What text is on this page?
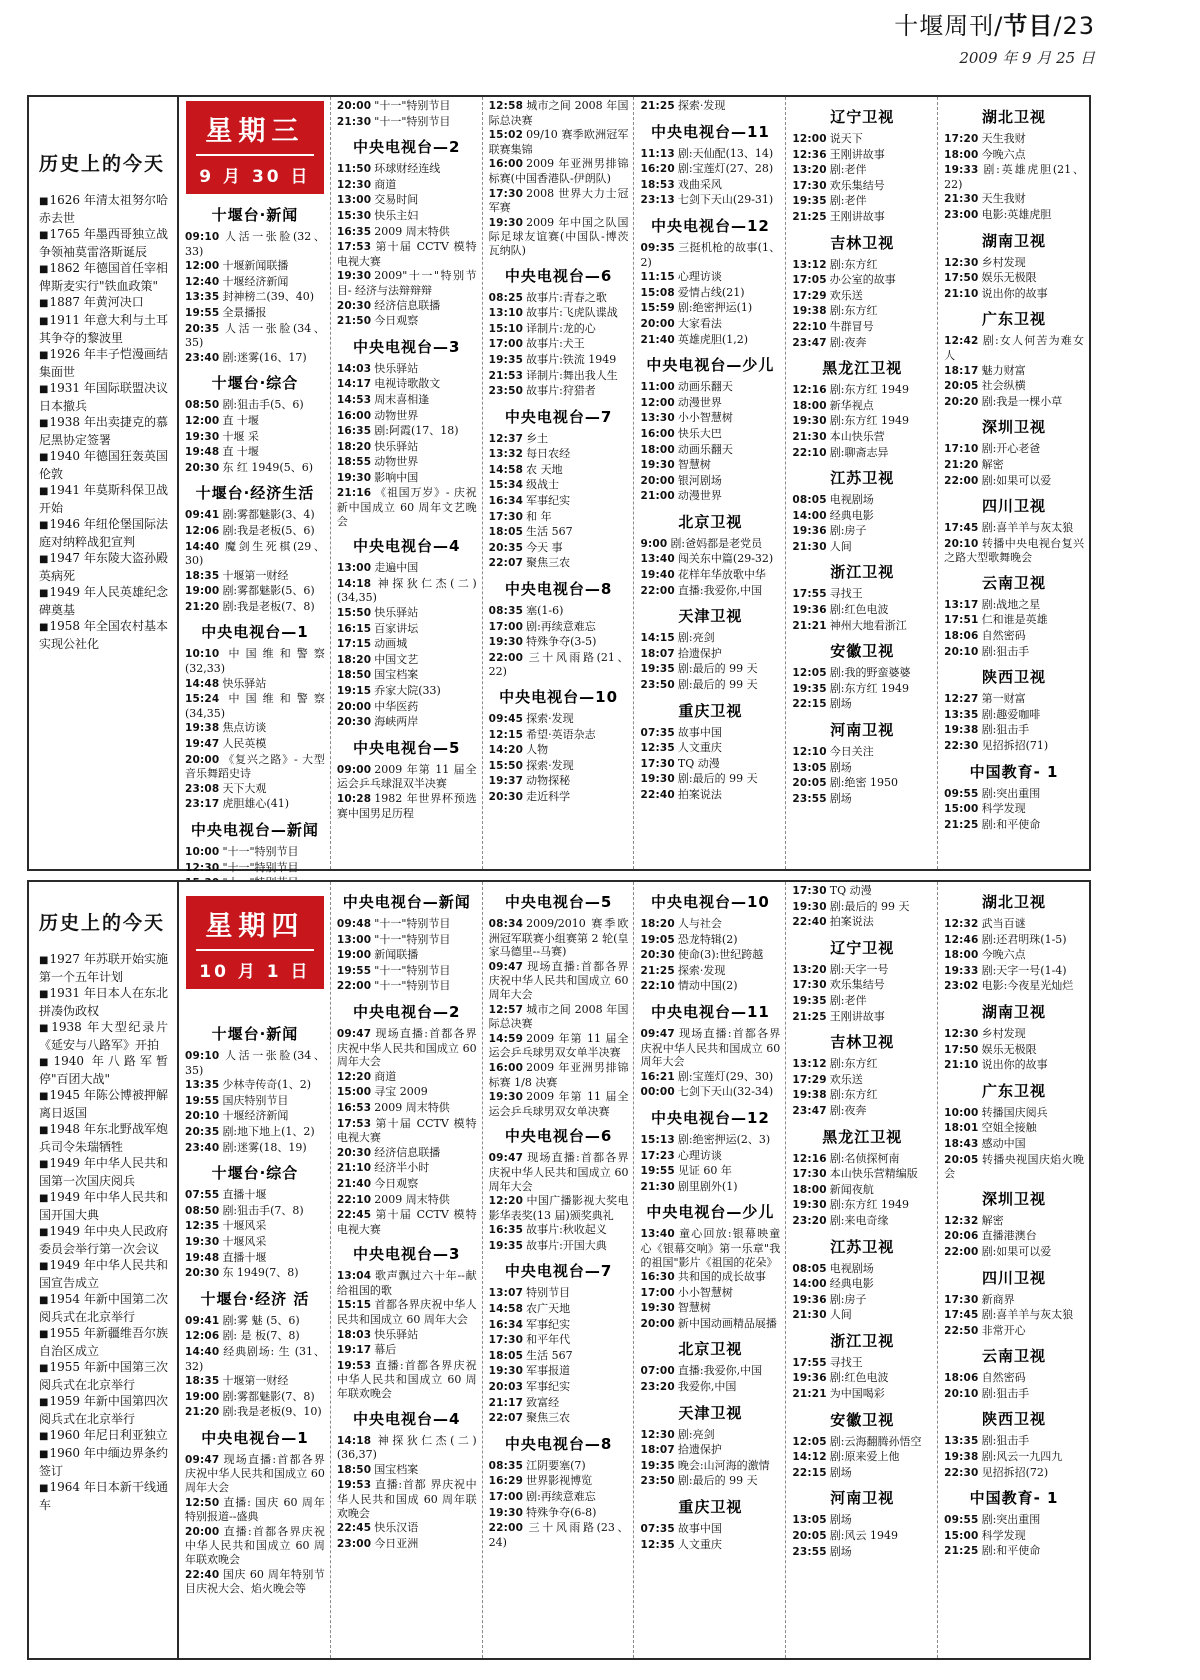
十堰周刊/节目/23
2009 年 9 月 25 日
历史上的今天
■ 1626 年清太祖努尔哈赤去世
■ 1765 年墨西哥独立战争领袖莫雷洛斯诞辰
■ 1862 年德国首任宰相俾斯麦实行"铁血政策"
■ 1887 年黄河决口
■ 1911 年意大利与土耳其争夺的黎波里
■ 1926 年丰子恺漫画结集面世
■ 1931 年国际联盟决议日本撤兵
■ 1938 年出卖捷克的慕尼黑协定签署
■ 1940 年德国狂轰英国伦敦
■ 1941 年莫斯科保卫战开始
■ 1946 年纽伦堡国际法庭对纳粹战犯宣判
■ 1947 年东陵大盗孙殿英病死
■ 1949 年人民英雄纪念碑奠基
■ 1958 年全国农村基本实现公社化
星期三
9 月 30 日
十堰台·新闻

09:10 人活一张脸(32、33)

12:00 十堰新闻联播

12:40 十堰经济新闻

13:35 封神榜二(39、40)

19:55 全景播报

20:35 人活一张脸(34、35)

23:40 剧:迷雾(16、17)

十堰台·综合

08:50 剧:狙击手(5、6)

12:00 直 十堰

19:30 十堰 采

19:48 直 十堰

20:30 东 红 1949(5、6)

十堰台·经济生活

09:41 剧:雾都魅影(3、4)

12:06 剧:我是老板(5、6)

14:40 魔剑生死棋(29、30)

18:35 十堰第一财经

19:00 剧:雾都魅影(5、6)

21:20 剧:我是老板(7、8)

中央电视台—1

10:10 中国维和警察(32,33)

14:48 快乐驿站

15:24 中国维和警察(34,35)

19:38 焦点访谈

19:47 人民英模

20:00 《复兴之路》- 大型音乐舞蹈史诗

23:08 天下大观

23:17 虎胆雄心(41)

中央电视台—新闻

10:00 "十一"特别节目

12:30 "十一"特别节目

20:00 "十一"特别节目

21:30 "十一"特别节目

中央电视台—2

11:50 环球财经连线

12:30 商道

13:00 交易时间

15:30 快乐主妇

16:35 2009 周末特供

17:53 第十届 CCTV 模特电视大赛

19:30 2009"十一"特别节目- 经济与法辩辩辩

20:30 经济信息联播

21:50 今日观察

中央电视台—3

14:03 快乐驿站

14:17 电视诗歌散文

14:53 周末喜相逢

16:00 动物世界

16:35 剧:阿霞(17、18)

18:20 快乐驿站

18:55 动物世界

19:30 影响中国

21:16 《祖国万岁》- 庆祝新中国成立 60 周年文艺晚会

中央电视台—4

13:00 走遍中国

14:18 神探狄仁杰(二)(34,35)

15:50 快乐驿站

16:15 百家讲坛

17:15 动画城

18:20 中国文艺

18:50 国宝档案

19:15 乔家大院(33)

20:00 中华医药

20:30 海峡两岸

中央电视台—5

09:00 2009 年第 11 届全运会乒乓球混双半决赛

10:28 1982 年世界杯预选赛中国男足历程

12:58 城市之间 2008 年国际总决赛

15:02 09/10 赛季欧洲冠军联赛集锦

16:00 2009 年亚洲男排锦标赛(中国香港队-伊朗队)

17:30 2008 世界大力士冠军赛

19:30 2009 年中国之队国际足球友谊赛(中国队-博茨瓦纳队)

中央电视台—6

08:25 故事片:青春之歌

13:10 故事片:飞虎队谍战

15:10 译制片:龙的心

17:00 故事片:犬王

19:35 故事片:铁流 1949

21:53 译制片:舞出我人生

23:50 故事片:狩猎者

中央电视台—7

12:37 乡土

13:32 每日农经

14:58 农 天地

15:34 级战士

16:34 军事纪实

17:30 和 年

18:05 生活 567

20:35 今天 事

22:07 聚焦三农

中央电视台—8

08:35 塞(1-6)

17:00 剧:再续意难忘

19:30 特殊争夺(3-5)

22:00 三十风雨路(21、22)

中央电视台—10

09:45 探索·发现

12:15 希望·英语杂志

14:20 人物

15:50 探索·发现

19:37 动物探秘

20:30 走近科学

21:25 探索·发现

中央电视台—11

11:13 剧:天仙配(13、14)

16:20 剧:宝莲灯(27、28)

18:53 戏曲采风

23:13 七剑下天山(29-31)

中央电视台—12

09:35 三挺机枪的故事(1、2)

11:15 心理访谈

15:08 爱情占线(21)

15:59 剧:绝密押运(1)

20:00 大家看法

21:40 英雄虎胆(1,2)

中央电视台—少儿

11:00 动画乐翻天

12:00 动漫世界

13:30 小小智慧树

16:00 快乐大巴

18:00 动画乐翻天

19:30 智慧树

20:00 银河剧场

21:00 动漫世界

北京卫视

9:00 剧:爸妈都是老党员

13:40 闯关东中篇(29-32)

19:40 花样年华放歌中华

22:00 直播:我爱你,中国

天津卫视

14:15 剧:亮剑

18:07 拾遗保护

19:35 剧:最后的 99 天

23:50 剧:最后的 99 天

重庆卫视

07:35 故事中国

12:35 人文重庆

17:30 TQ 动漫

19:30 剧:最后的 99 天

22:40 拍案说法

辽宁卫视

12:00 说天下

12:36 王刚讲故事

13:20 剧:老伴

17:30 欢乐集结号

19:35 剧:老伴

21:25 王刚讲故事

吉林卫视

13:12 剧:东方红

17:05 办公室的故事

17:29 欢乐送

19:38 剧:东方红

22:10 牛群冒号

23:47 剧:夜奔

黑龙江卫视

12:16 剧:东方红 1949

18:00 新华视点

19:30 剧:东方红 1949

21:30 本山快乐营

22:10 剧:聊斋志异

江苏卫视

08:05 电视剧场

14:00 经典电影

19:36 剧:房子

21:30 人间

浙江卫视

17:55 寻找王

19:36 剧:红色电波

21:21 神州大地看浙江

安徽卫视

12:05 剧:我的野蛮婆婆

19:35 剧:东方红 1949

22:15 剧场

河南卫视

12:10 今日关注

13:05 剧场

20:05 剧:绝密 1950

23:55 剧场

湖北卫视

17:20 天生我财

18:00 今晚六点

19:33 剧:英雄虎胆(21、22)

21:30 天生我财

23:00 电影:英雄虎胆

湖南卫视

12:30 乡村发现

17:50 娱乐无极限

21:10 说出你的故事

广东卫视

12:42 剧:女人何苦为难女人

18:17 魅力财富

20:05 社会纵横

20:20 剧:我是一棵小草

深圳卫视

17:10 剧:开心老爸

21:20 解密

22:00 剧:如果可以爱

四川卫视

17:45 剧:喜羊羊与灰太狼

20:10 转播中央电视台复兴之路大型歌舞晚会

云南卫视

13:17 剧:战地之星

17:51 仁和谁是英雄

18:06 自然密码

20:10 剧:狙击手

陕西卫视

12:27 第一财富

13:35 剧:趣爱咖啡

19:38 剧:狙击手

22:30 见招拆招(71)

中国教育- 1

09:55 剧:突出重围

15:00 科学发现

21:25 剧:和平使命

历史上的今天
■ 1927 年苏联开始实施第一个五年计划
■ 1931 年日本人在东北拼凑伪政权
■ 1938 年大型纪录片《延安与八路军》开拍
■ 1940 年八路军暂停"百团大战"
■ 1945 年陈公博被押解离日返国
■ 1948 年东北野战军炮兵司令朱瑞牺牲
■ 1949 年中华人民共和国第一次国庆阅兵
■ 1949 年中华人民共和国开国大典
■ 1949 年中央人民政府委员会举行第一次会议
■ 1949 年中华人民共和国宣告成立
■ 1954 年新中国第二次阅兵式在北京举行
■ 1955 年新疆维吾尔族自治区成立
■ 1955 年新中国第三次阅兵式在北京举行
■ 1959 年新中国第四次阅兵式在北京举行
■ 1960 年尼日利亚独立
■ 1960 年中缅边界条约签订
■ 1964 年日本新干线通车
星期四
10 月 1 日
十堰台·新闻

09:10 人活一张脸(34、35)

13:35 少林寺传奇(1、2)

19:55 国庆特别节目

20:10 十堰经济新闻

20:35 剧:地下地上(1、2)

23:40 剧:迷雾(18、19)

十堰台·综合

07:55 直播十堰

08:50 剧:狙击手(7、8)

12:35 十堰风采

19:30 十堰风采

19:48 直播十堰

20:30 东 1949(7、8)

十堰台·经济 活

09:41 剧:雾 魅 (5、6)

12:06 剧: 是 板(7、8)

14:40 经典剧场: 生 (31、32)

18:35 十堰第一财经

19:00 剧:雾都魅影(7、8)

21:20 剧:我是老板(9、10)

中央电视台—1

09:47 现场直播:首都各界庆祝中华人民共和国成立 60 周年大会

12:50 直播: 国庆 60 周年特别报道--盛典

20:00 直播:首都各界庆祝中华人民共和国成立 60 周年联欢晚会

22:40 国庆 60 周年特别节目庆祝大会、焰火晚会等

中央电视台—新闻

09:48 "十一"特别节目

13:00 "十一"特别节目

19:00 新闻联播

19:55 "十一"特别节目

22:00 "十一"特别节目

中央电视台—2

09:47 现场直播:首都各界庆祝中华人民共和国成立 60 周年大会

12:20 商道

15:00 寻宝 2009

16:53 2009 周末特供

17:53 第十届 CCTV 模特电视大赛

20:30 经济信息联播

21:10 经济半小时

21:40 今日观察

22:10 2009 周末特供

22:45 第十届 CCTV 模特电视大赛

中央电视台—3

13:04 歌声飘过六十年--献给祖国的歌

15:15 首都各界庆祝中华人民共和国成立 60 周年大会

18:03 快乐驿站

19:17 幕后

19:53 直播:首都各界庆祝中华人民共和国成立 60 周年联欢晚会

中央电视台—4

14:18 神探狄仁杰(二)(36,37)

18:50 国宝档案

19:53 直播:首都 界庆祝中华人民共和国成 60 周年联欢晚会

22:45 快乐汉语

23:00 今日亚洲

中央电视台—5

08:34 2009/2010 赛季欧洲冠军联赛小组赛第 2 轮(皇家马德里--马赛)

09:47 现场直播:首都各界庆祝中华人民共和国成立 60 周年大会

12:57 城市之间 2008 年国际总决赛

14:59 2009 年第 11 届全运会乒乓球男双女单半决赛

16:00 2009 年亚洲男排锦标赛 1/8 决赛

19:30 2009 年第 11 届全运会乒乓球男双女单决赛

中央电视台—6

09:47 现场直播:首都各界庆祝中华人民共和国成立 60 周年大会

12:20 中国广播影视大奖电影华表奖(13 届)颁奖典礼

16:35 故事片:秋收起义

19:35 故事片:开国大典

中央电视台—7

13:07 特别节目

14:58 农广天地

16:34 军事纪实

17:30 和平年代

18:05 生活 567

19:30 军事报道

20:03 军事纪实

21:17 致富经

22:07 聚焦三农

中央电视台—8

08:35 江阴要塞(7)

16:29 世界影视博览

17:00 剧:再续意难忘

19:30 特殊争夺(6-8)

22:00 三十风雨路(23、24)

中央电视台—10

18:20 人与社会

19:05 恐龙特辑(2)

20:30 使命(3):世纪跨越

21:25 探索·发现

22:10 情动中国(2)

中央电视台—11

09:47 现场直播:首都各界庆祝中华人民共和国成立 60 周年大会

16:21 剧:宝莲灯(29、30)

00:00 七剑下天山(32-34)

中央电视台—12

15:13 剧:绝密押运(2、3)

17:23 心理访谈

19:55 见证 60 年

21:30 剧里剧外(1)

中央电视台—少儿

13:40 童心回放:银幕映童心《银幕交响》第一乐章"我的祖国"影片《祖国的花朵》

16:30 共和国的成长故事

17:00 小小智慧树

19:30 智慧树

20:00 新中国动画精品展播

北京卫视

07:00 直播:我爱你,中国

23:20 我爱你,中国

天津卫视

12:30 剧:亮剑

18:07 拾遗保护

19:35 晚会:山河海的激情

23:50 剧:最后的 99 天

重庆卫视

07:35 故事中国

12:35 人文重庆

17:30 TQ 动漫

19:30 剧:最后的 99 天

22:40 拍案说法

辽宁卫视

13:20 剧:天字一号

17:30 欢乐集结号

19:35 剧:老伴

21:25 王刚讲故事

吉林卫视

13:12 剧:东方红

17:29 欢乐送

19:38 剧:东方红

23:47 剧:夜奔

黑龙江卫视

12:16 剧:名侦探柯南

17:30 本山快乐营精编版

18:00 新闻夜航

19:30 剧:东方红 1949

23:20 剧:来电奇缘

江苏卫视

08:05 电视剧场

14:00 经典电影

19:36 剧:房子

21:30 人间

浙江卫视

17:55 寻找王

19:36 剧:红色电波

21:21 为中国喝彩

安徽卫视

12:05 剧:云海翻腾孙悟空

14:12 剧:原来爱上他

22:15 剧场

河南卫视

13:05 剧场

20:05 剧:风云 1949

23:55 剧场

湖北卫视

12:32 武当百谜

12:46 剧:还君明珠(1-5)

18:00 今晚六点

19:33 剧:天字一号(1-4)

23:02 电影:今夜星光灿烂

湖南卫视

12:30 乡村发现

17:50 娱乐无极限

21:10 说出你的故事

广东卫视

10:00 转播国庆阅兵

18:01 空姐全接触

18:43 感动中国

20:05 转播央视国庆焰火晚会

深圳卫视

12:32 解密

20:06 直播港澳台

22:00 剧:如果可以爱

四川卫视

17:30 新商界

17:45 剧:喜羊羊与灰太狼

22:50 非常开心

云南卫视

18:06 自然密码

20:10 剧:狙击手

陕西卫视

13:35 剧:狙击手

19:38 剧:风云一九四九

22:30 见招拆招(72)

中国教育- 1

09:55 剧:突出重围

15:00 科学发现

21:25 剧:和平使命
